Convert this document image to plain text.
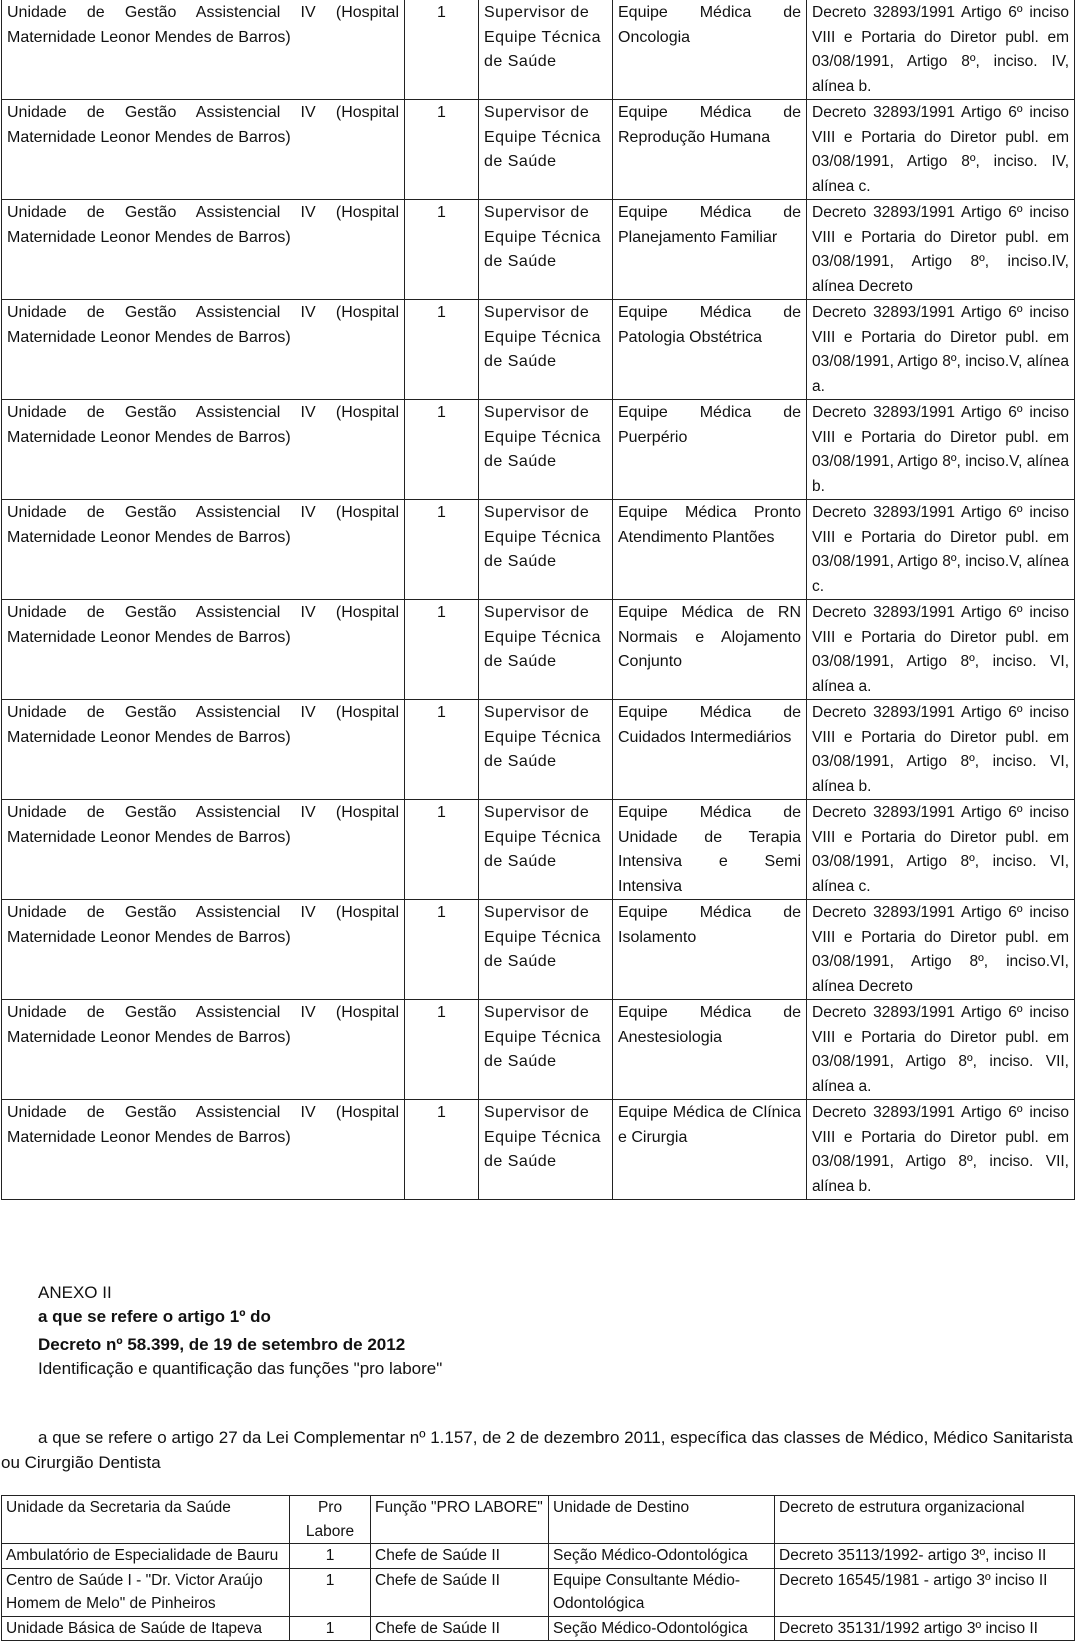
Unidade de Gestão Assistencial IV (Hospital Maternidade Leonor Mendes de Barros)	1	Supervisor de Equipe Técnica de Saúde	Equipe Médica de Oncologia	Decreto 32893/1991 Artigo 6º inciso VIII e Portaria do Diretor publ. em 03/08/1991, Artigo 8º, inciso. IV, alínea b.
Unidade de Gestão Assistencial IV (Hospital Maternidade Leonor Mendes de Barros)	1	Supervisor de Equipe Técnica de Saúde	Equipe Médica de Reprodução Humana	Decreto 32893/1991 Artigo 6º inciso VIII e Portaria do Diretor publ. em 03/08/1991, Artigo 8º, inciso. IV, alínea c.
Unidade de Gestão Assistencial IV (Hospital Maternidade Leonor Mendes de Barros)	1	Supervisor de Equipe Técnica de Saúde	Equipe Médica de Planejamento Familiar	Decreto 32893/1991 Artigo 6º inciso VIII e Portaria do Diretor publ. em 03/08/1991, Artigo 8º, inciso.IV, alínea Decreto
Unidade de Gestão Assistencial IV (Hospital Maternidade Leonor Mendes de Barros)	1	Supervisor de Equipe Técnica de Saúde	Equipe Médica de Patologia Obstétrica	Decreto 32893/1991 Artigo 6º inciso VIII e Portaria do Diretor publ. em 03/08/1991, Artigo 8º, inciso.V, alínea a.
Unidade de Gestão Assistencial IV (Hospital Maternidade Leonor Mendes de Barros)	1	Supervisor de Equipe Técnica de Saúde	Equipe Médica de Puerpério	Decreto 32893/1991 Artigo 6º inciso VIII e Portaria do Diretor publ. em 03/08/1991, Artigo 8º, inciso.V, alínea b.
Unidade de Gestão Assistencial IV (Hospital Maternidade Leonor Mendes de Barros)	1	Supervisor de Equipe Técnica de Saúde	Equipe Médica Pronto Atendimento Plantões	Decreto 32893/1991 Artigo 6º inciso VIII e Portaria do Diretor publ. em 03/08/1991, Artigo 8º, inciso.V, alínea c.
Unidade de Gestão Assistencial IV (Hospital Maternidade Leonor Mendes de Barros)	1	Supervisor de Equipe Técnica de Saúde	Equipe Médica de RN Normais e Alojamento Conjunto	Decreto 32893/1991 Artigo 6º inciso VIII e Portaria do Diretor publ. em 03/08/1991, Artigo 8º, inciso. VI, alínea a.
Unidade de Gestão Assistencial IV (Hospital Maternidade Leonor Mendes de Barros)	1	Supervisor de Equipe Técnica de Saúde	Equipe Médica de Cuidados Intermediários	Decreto 32893/1991 Artigo 6º inciso VIII e Portaria do Diretor publ. em 03/08/1991, Artigo 8º, inciso. VI, alínea b.
Unidade de Gestão Assistencial IV (Hospital Maternidade Leonor Mendes de Barros)	1	Supervisor de Equipe Técnica de Saúde	Equipe Médica de Unidade de Terapia Intensiva e Semi Intensiva	Decreto 32893/1991 Artigo 6º inciso VIII e Portaria do Diretor publ. em 03/08/1991, Artigo 8º, inciso. VI, alínea c.
Unidade de Gestão Assistencial IV (Hospital Maternidade Leonor Mendes de Barros)	1	Supervisor de Equipe Técnica de Saúde	Equipe Médica de Isolamento	Decreto 32893/1991 Artigo 6º inciso VIII e Portaria do Diretor publ. em 03/08/1991, Artigo 8º, inciso.VI, alínea Decreto
Unidade de Gestão Assistencial IV (Hospital Maternidade Leonor Mendes de Barros)	1	Supervisor de Equipe Técnica de Saúde	Equipe Médica de Anestesiologia	Decreto 32893/1991 Artigo 6º inciso VIII e Portaria do Diretor publ. em 03/08/1991, Artigo 8º, inciso. VII, alínea a.
Unidade de Gestão Assistencial IV (Hospital Maternidade Leonor Mendes de Barros)	1	Supervisor de Equipe Técnica de Saúde	Equipe Médica de Clínica e Cirurgia	Decreto 32893/1991 Artigo 6º inciso VIII e Portaria do Diretor publ. em 03/08/1991, Artigo 8º, inciso. VII, alínea b.
ANEXO II
a que se refere o artigo 1º do
Decreto nº 58.399, de 19 de setembro de 2012
Identificação e quantificação das funções "pro labore"
a que se refere o artigo 27 da Lei Complementar nº 1.157, de 2 de dezembro 2011, específica das classes de Médico, Médico Sanitarista ou Cirurgião Dentista
Unidade da Secretaria da Saúde	Pro Labore	Função "PRO LABORE"	Unidade de Destino	Decreto de estrutura organizacional
Ambulatório de Especialidade de Bauru	1	Chefe de Saúde II	Seção Médico-Odontológica	Decreto 35113/1992- artigo 3º, inciso II
Centro de Saúde I - "Dr. Victor Araújo Homem de Melo" de Pinheiros	1	Chefe de Saúde II	Equipe Consultante Médio-Odontológica	Decreto 16545/1981 - artigo 3º inciso II
Unidade Básica de Saúde de Itapeva	1	Chefe de Saúde II	Seção Médico-Odontológica	Decreto 35131/1992 artigo 3º inciso II
